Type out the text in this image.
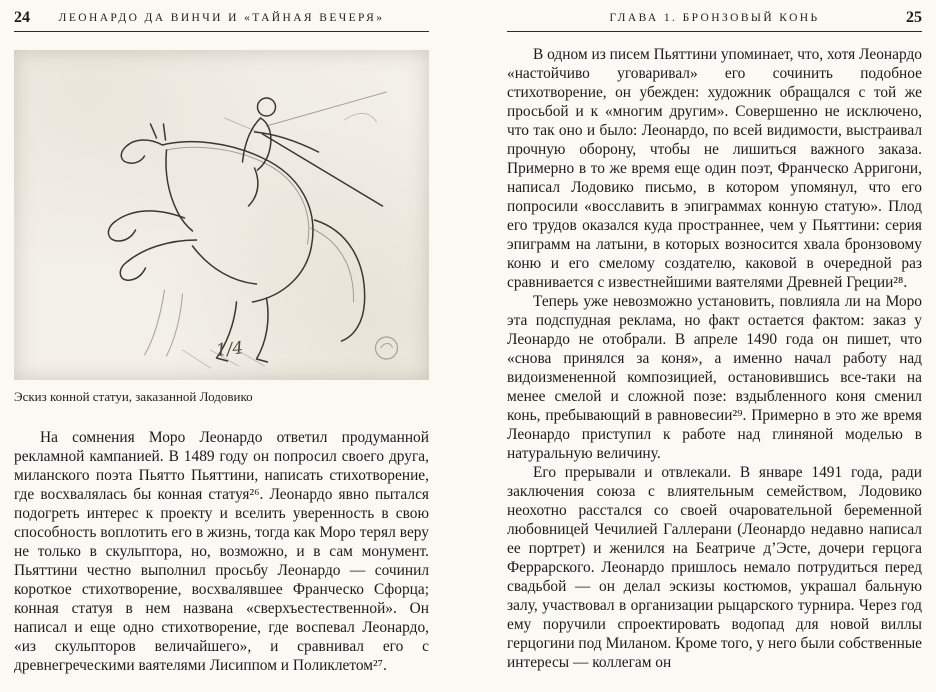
24	ЛЕОНАРДО ДА ВИНЧИ И «ТАЙНАЯ ВЕЧЕРЯ»
1/4
Эскиз конной статуи, заказанной Лодовико

На сомнения Моро Леонардо ответил продуманной рекламной кампанией. В 1489 году он попросил своего друга, миланского поэта Пьятто Пьяттини, написать стихотворение, где восхвалялась бы конная статуя²⁶. Леонардо явно пытался подогреть интерес к проекту и вселить уверенность в свою способность воплотить его в жизнь, тогда как Моро терял веру не только в скульптора, но, возможно, и в сам монумент. Пьяттини честно выполнил просьбу Леонардо — сочинил короткое стихотворение, восхвалявшее Франческо Сфорца; конная статуя в нем названа «сверхъестественной». Он написал и еще одно стихотворение, где воспевал Леонардо, «из скульпторов величайшего», и сравнивал его с древнегреческими ваятелями Лисиппом и Поликлетом²⁷.

ГЛАВА 1. БРОНЗОВЫЙ КОНЬ	25

В одном из писем Пьяттини упоминает, что, хотя Леонардо «настойчиво уговаривал» его сочинить подобное стихотворение, он убежден: художник обращался с той же просьбой и к «многим другим». Совершенно не исключено, что так оно и было: Леонардо, по всей видимости, выстраивал прочную оборону, чтобы не лишиться важного заказа. Примерно в то же время еще один поэт, Франческо Арригони, написал Лодовико письмо, в котором упомянул, что его попросили «восславить в эпиграммах конную статую». Плод его трудов оказался куда пространнее, чем у Пьяттини: серия эпиграмм на латыни, в которых возносится хвала бронзовому коню и его смелому создателю, каковой в очередной раз сравнивается с известнейшими ваятелями Древней Греции²⁸.

Теперь уже невозможно установить, повлияла ли на Моро эта подспудная реклама, но факт остается фактом: заказ у Леонардо не отобрали. В апреле 1490 года он пишет, что «снова принялся за коня», а именно начал работу над видоизмененной композицией, остановившись все-таки на менее смелой и сложной позе: вздыбленного коня сменил конь, пребывающий в равновесии²⁹. Примерно в это же время Леонардо приступил к работе над глиняной моделью в натуральную величину.

Его прерывали и отвлекали. В январе 1491 года, ради заключения союза с влиятельным семейством, Лодовико неохотно расстался со своей очаровательной беременной любовницей Чечилией Галлерани (Леонардо недавно написал ее портрет) и женился на Беатриче д’Эсте, дочери герцога Феррарского. Леонардо пришлось немало потрудиться перед свадьбой — он делал эскизы костюмов, украшал бальную залу, участвовал в организации рыцарского турнира. Через год ему поручили спроектировать водопад для новой виллы герцогини под Миланом. Кроме того, у него были собственные интересы — коллегам он
